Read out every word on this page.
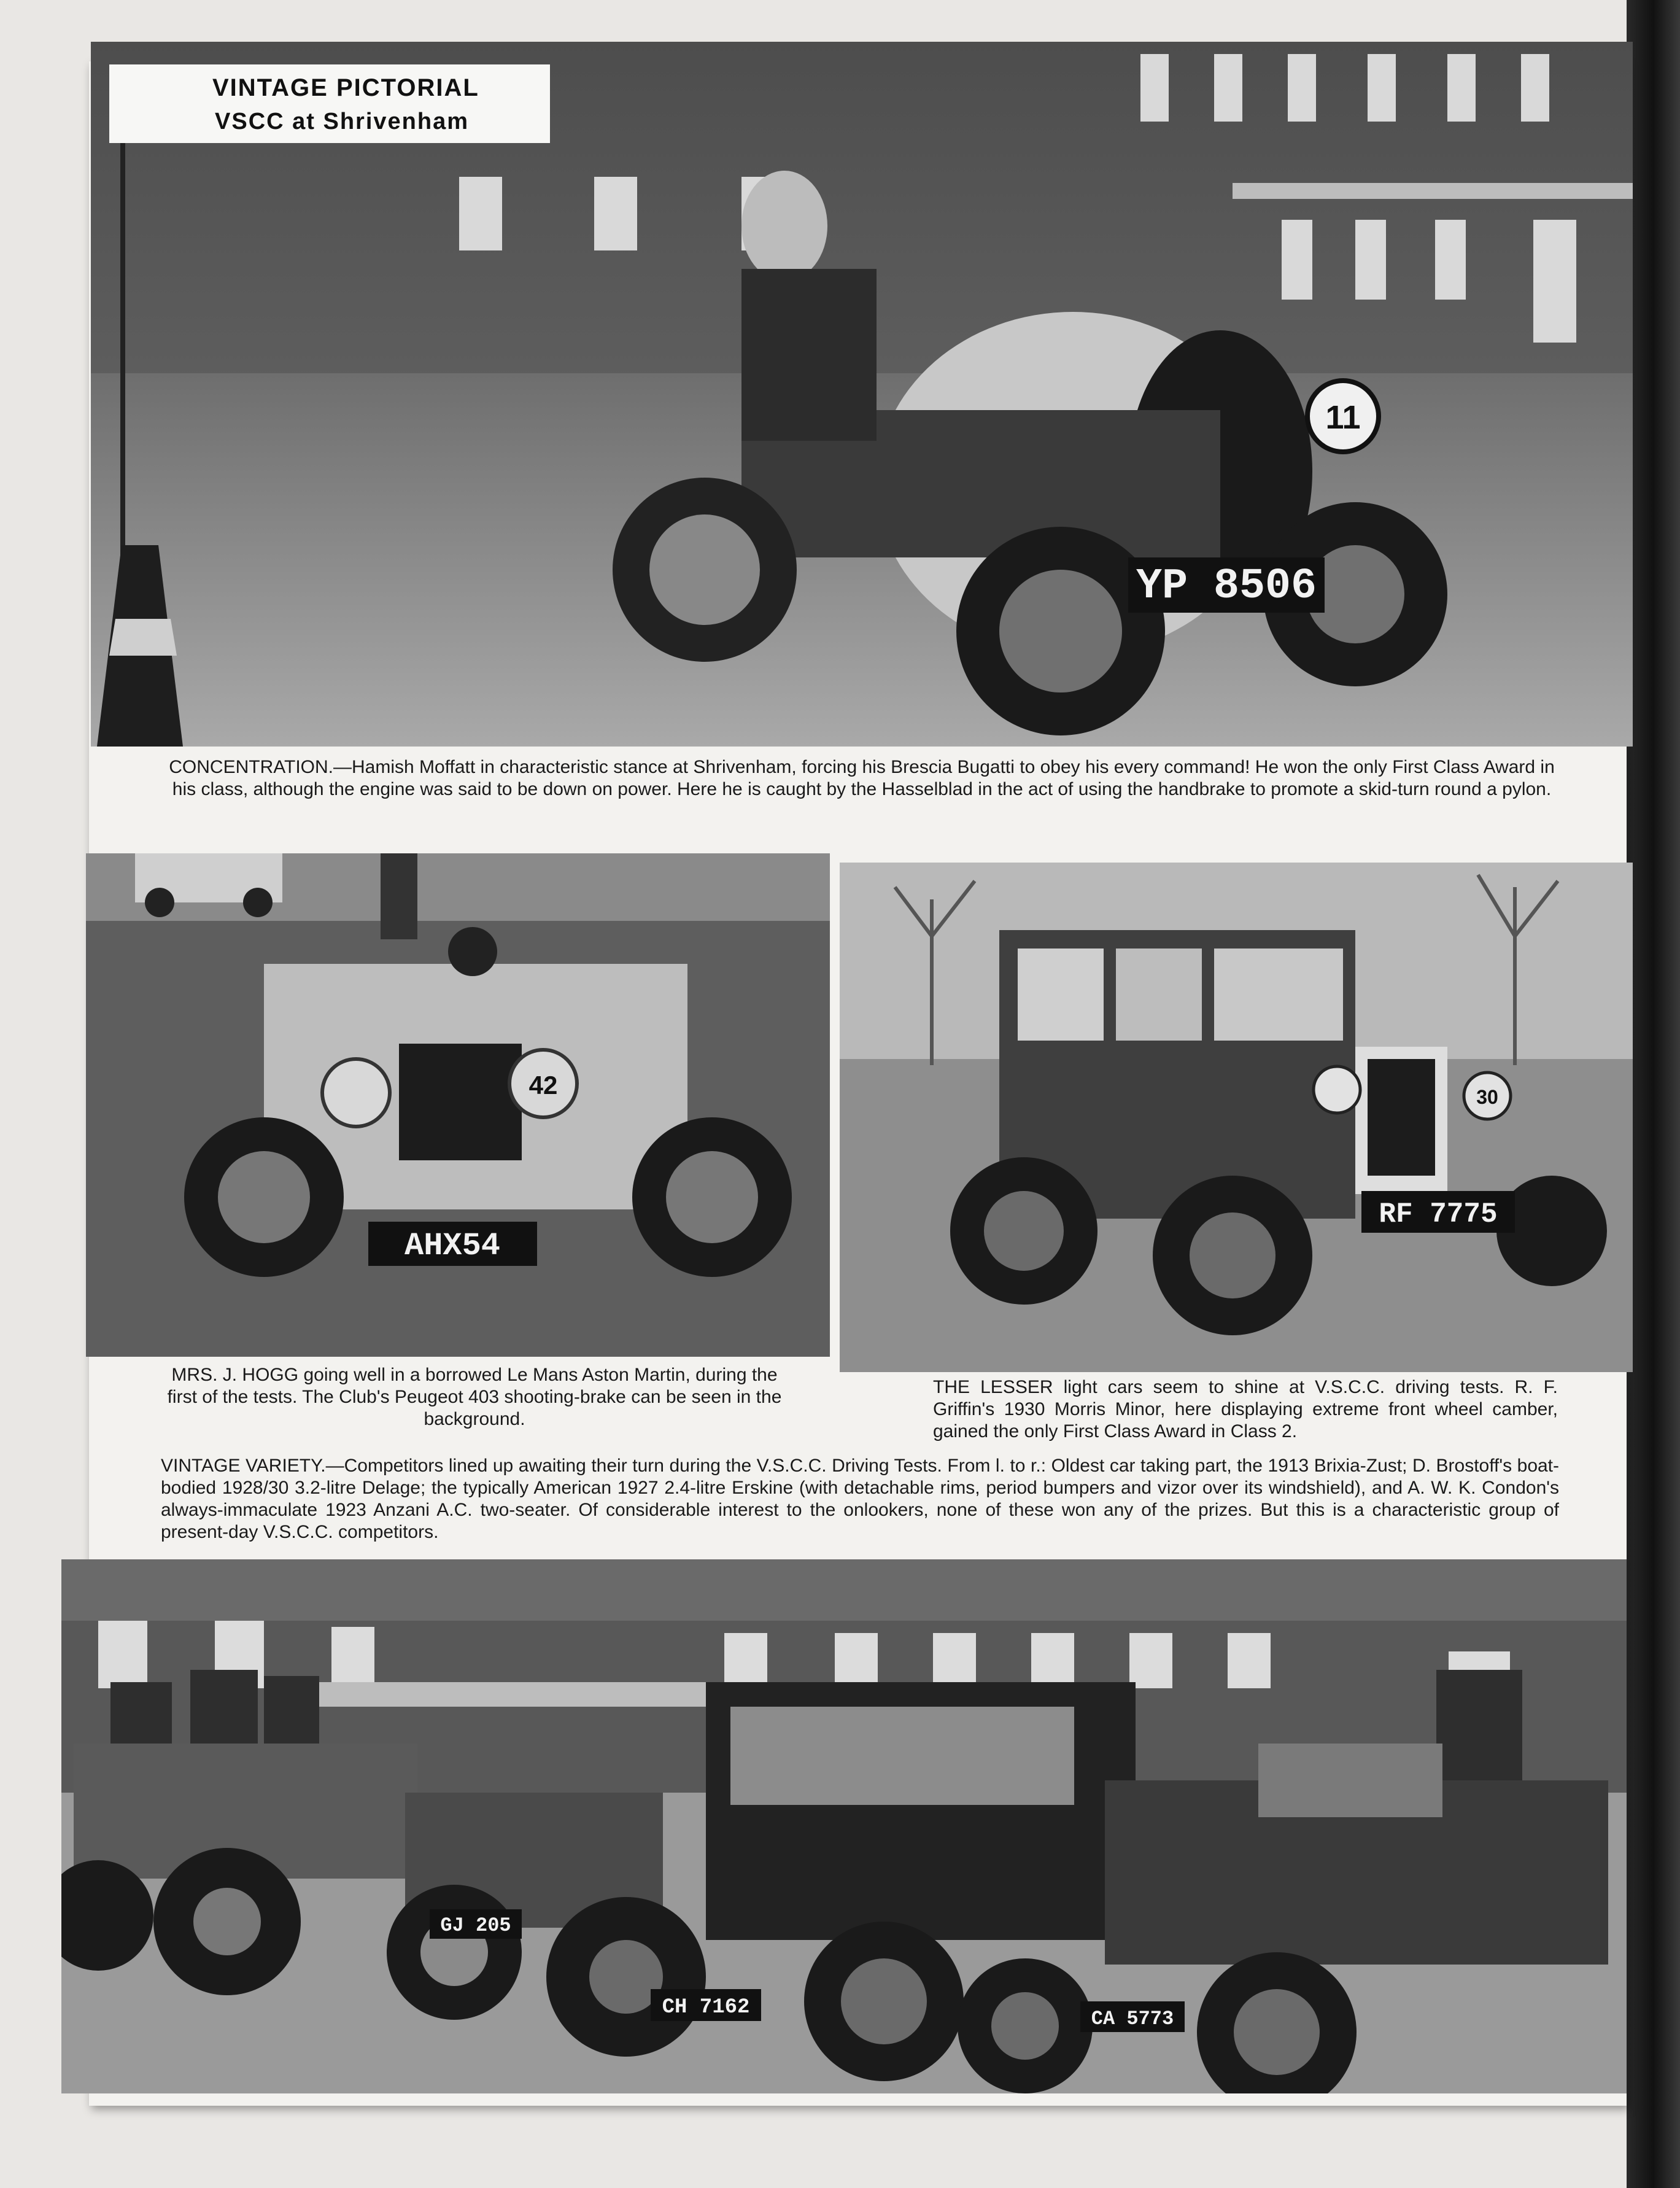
11
YP 8506
VINTAGE PICTORIAL
VSCC at Shrivenham
CONCENTRATION.—Hamish Moffatt in characteristic stance at Shrivenham, forcing his Brescia Bugatti to obey his every command! He won the only First Class Award in his class, although the engine was said to be down on power. Here he is caught by the Hasselblad in the act of using the handbrake to promote a skid-turn round a pylon.
42
AHX54
30
RF 7775
MRS. J. HOGG going well in a borrowed Le Mans Aston Martin, during the first of the tests. The Club's Peugeot 403 shooting-brake can be seen in the background.
THE LESSER light cars seem to shine at V.S.C.C. driving tests. R. F. Griffin's 1930 Morris Minor, here displaying extreme front wheel camber, gained the only First Class Award in Class 2.
VINTAGE VARIETY.—Competitors lined up awaiting their turn during the V.S.C.C. Driving Tests. From l. to r.: Oldest car taking part, the 1913 Brixia-Zust; D. Brostoff's boat-bodied 1928/30 3.2-litre Delage; the typically American 1927 2.4-litre Erskine (with detachable rims, period bumpers and vizor over its windshield), and A. W. K. Condon's always-immaculate 1923 Anzani A.C. two-seater. Of considerable interest to the onlookers, none of these won any of the prizes. But this is a characteristic group of present-day V.S.C.C. competitors.
GJ 205
CH 7162	CA 5773
